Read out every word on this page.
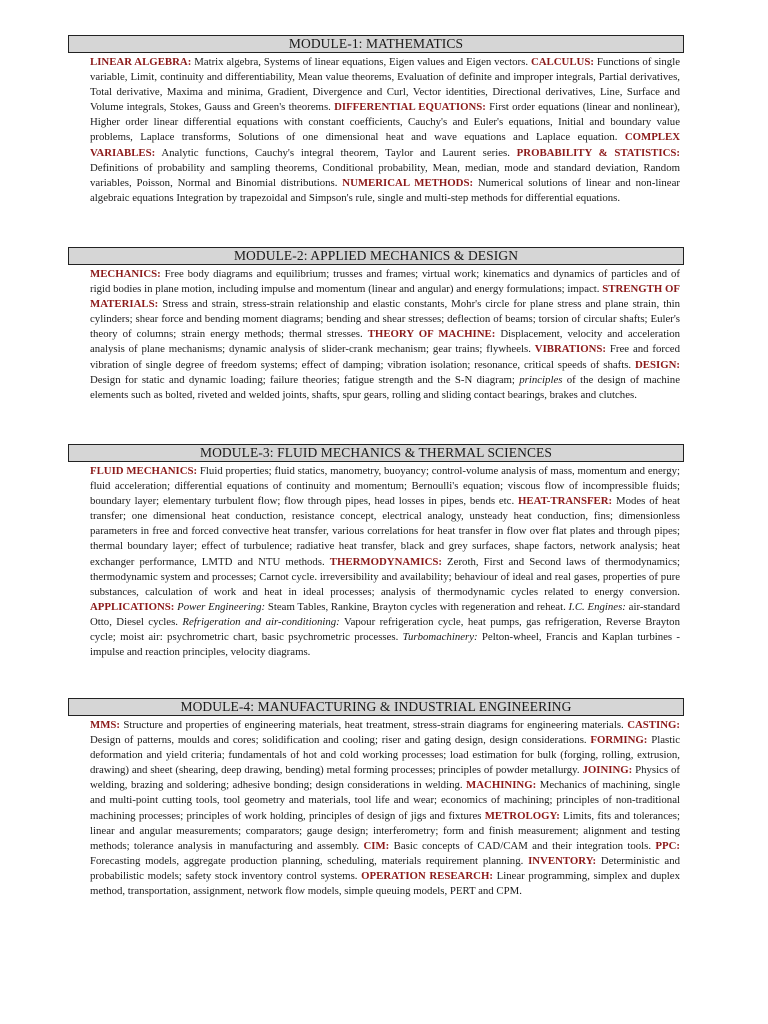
MODULE-1: MATHEMATICS
LINEAR ALGEBRA: Matrix algebra, Systems of linear equations, Eigen values and Eigen vectors. CALCULUS: Functions of single variable, Limit, continuity and differentiability, Mean value theorems, Evaluation of definite and improper integrals, Partial derivatives, Total derivative, Maxima and minima, Gradient, Divergence and Curl, Vector identities, Directional derivatives, Line, Surface and Volume integrals, Stokes, Gauss and Green's theorems. DIFFERENTIAL EQUATIONS: First order equations (linear and nonlinear), Higher order linear differential equations with constant coefficients, Cauchy's and Euler's equations, Initial and boundary value problems, Laplace transforms, Solutions of one dimensional heat and wave equations and Laplace equation. COMPLEX VARIABLES: Analytic functions, Cauchy's integral theorem, Taylor and Laurent series. PROBABILITY & STATISTICS: Definitions of probability and sampling theorems, Conditional probability, Mean, median, mode and standard deviation, Random variables, Poisson, Normal and Binomial distributions. NUMERICAL METHODS: Numerical solutions of linear and non-linear algebraic equations Integration by trapezoidal and Simpson's rule, single and multi-step methods for differential equations.
MODULE-2: APPLIED MECHANICS & DESIGN
MECHANICS: Free body diagrams and equilibrium; trusses and frames; virtual work; kinematics and dynamics of particles and of rigid bodies in plane motion, including impulse and momentum (linear and angular) and energy formulations; impact. STRENGTH OF MATERIALS: Stress and strain, stress-strain relationship and elastic constants, Mohr's circle for plane stress and plane strain, thin cylinders; shear force and bending moment diagrams; bending and shear stresses; deflection of beams; torsion of circular shafts; Euler's theory of columns; strain energy methods; thermal stresses. THEORY OF MACHINE: Displacement, velocity and acceleration analysis of plane mechanisms; dynamic analysis of slider-crank mechanism; gear trains; flywheels. VIBRATIONS: Free and forced vibration of single degree of freedom systems; effect of damping; vibration isolation; resonance, critical speeds of shafts. DESIGN: Design for static and dynamic loading; failure theories; fatigue strength and the S-N diagram; principles of the design of machine elements such as bolted, riveted and welded joints, shafts, spur gears, rolling and sliding contact bearings, brakes and clutches.
MODULE-3: FLUID MECHANICS & THERMAL SCIENCES
FLUID MECHANICS: Fluid properties; fluid statics, manometry, buoyancy; control-volume analysis of mass, momentum and energy; fluid acceleration; differential equations of continuity and momentum; Bernoulli's equation; viscous flow of incompressible fluids; boundary layer; elementary turbulent flow; flow through pipes, head losses in pipes, bends etc. HEAT-TRANSFER: Modes of heat transfer; one dimensional heat conduction, resistance concept, electrical analogy, unsteady heat conduction, fins; dimensionless parameters in free and forced convective heat transfer, various correlations for heat transfer in flow over flat plates and through pipes; thermal boundary layer; effect of turbulence; radiative heat transfer, black and grey surfaces, shape factors, network analysis; heat exchanger performance, LMTD and NTU methods. THERMODYNAMICS: Zeroth, First and Second laws of thermodynamics; thermodynamic system and processes; Carnot cycle. irreversibility and availability; behaviour of ideal and real gases, properties of pure substances, calculation of work and heat in ideal processes; analysis of thermodynamic cycles related to energy conversion. APPLICATIONS: Power Engineering: Steam Tables, Rankine, Brayton cycles with regeneration and reheat. I.C. Engines: air-standard Otto, Diesel cycles. Refrigeration and air-conditioning: Vapour refrigeration cycle, heat pumps, gas refrigeration, Reverse Brayton cycle; moist air: psychrometric chart, basic psychrometric processes. Turbomachinery: Pelton-wheel, Francis and Kaplan turbines - impulse and reaction principles, velocity diagrams.
MODULE-4: MANUFACTURING & INDUSTRIAL ENGINEERING
MMS: Structure and properties of engineering materials, heat treatment, stress-strain diagrams for engineering materials. CASTING: Design of patterns, moulds and cores; solidification and cooling; riser and gating design, design considerations. FORMING: Plastic deformation and yield criteria; fundamentals of hot and cold working processes; load estimation for bulk (forging, rolling, extrusion, drawing) and sheet (shearing, deep drawing, bending) metal forming processes; principles of powder metallurgy. JOINING: Physics of welding, brazing and soldering; adhesive bonding; design considerations in welding. MACHINING: Mechanics of machining, single and multi-point cutting tools, tool geometry and materials, tool life and wear; economics of machining; principles of non-traditional machining processes; principles of work holding, principles of design of jigs and fixtures METROLOGY: Limits, fits and tolerances; linear and angular measurements; comparators; gauge design; interferometry; form and finish measurement; alignment and testing methods; tolerance analysis in manufacturing and assembly. CIM: Basic concepts of CAD/CAM and their integration tools. PPC: Forecasting models, aggregate production planning, scheduling, materials requirement planning. INVENTORY: Deterministic and probabilistic models; safety stock inventory control systems. OPERATION RESEARCH: Linear programming, simplex and duplex method, transportation, assignment, network flow models, simple queuing models, PERT and CPM.
